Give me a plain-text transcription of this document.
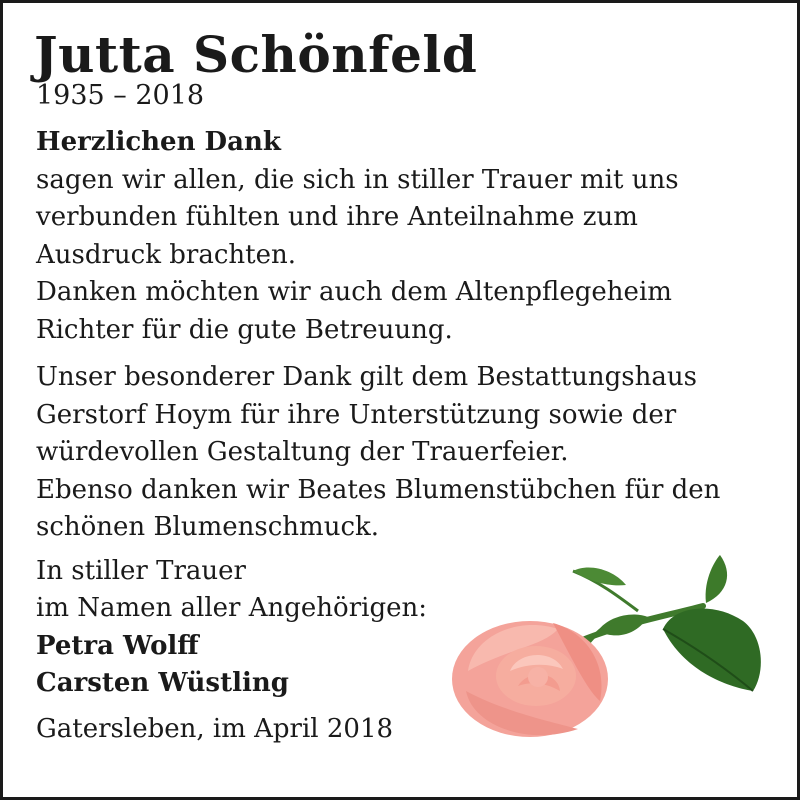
Jutta Schönfeld
1935 – 2018

Herzlichen Dank

sagen wir allen, die sich in stiller Trauer mit uns
verbunden fühlten und ihre Anteilnahme zum
Ausdruck brachten.
Danken möchten wir auch dem Altenpflegeheim
Richter für die gute Betreuung.

Unser besonderer Dank gilt dem Bestattungshaus
Gerstorf Hoym für ihre Unterstützung sowie der
würdevollen Gestaltung der Trauerfeier.
Ebenso danken wir Beates Blumenstübchen für den
schönen Blumenschmuck.

In stiller Trauer
im Namen aller Angehörigen:

Petra Wolff

Carsten Wüstling

Gatersleben, im April 2018
